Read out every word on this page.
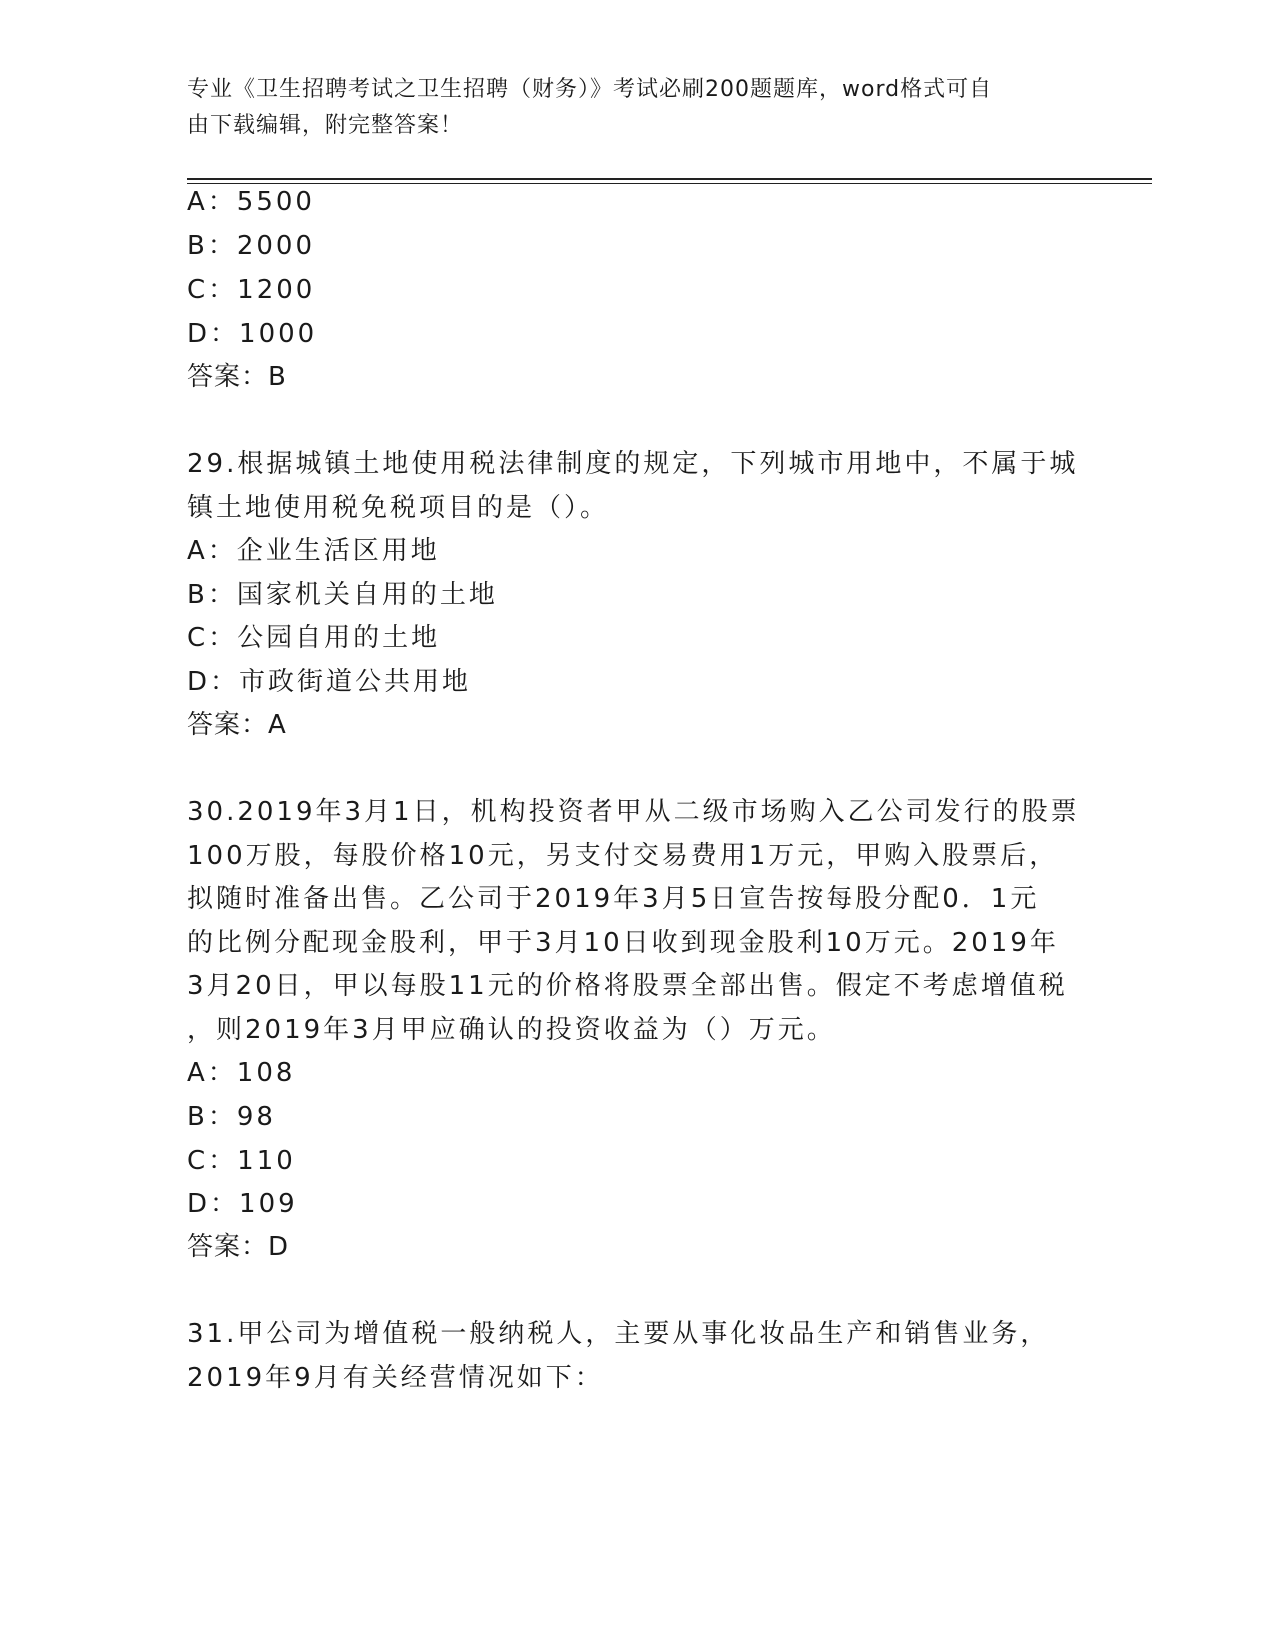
专业《卫生招聘考试之卫生招聘（财务）》考试必刷200题题库，word格式可自
由下载编辑，附完整答案！
A：5500
B：2000
C：1200
D：1000
答案：B
29.根据城镇土地使用税法律制度的规定，下列城市用地中，不属于城
镇土地使用税免税项目的是（）。
A：企业生活区用地
B：国家机关自用的土地
C：公园自用的土地
D：市政街道公共用地
答案：A
30.2019年3月1日，机构投资者甲从二级市场购入乙公司发行的股票
100万股，每股价格10元，另支付交易费用1万元，甲购入股票后，
拟随时准备出售。乙公司于2019年3月5日宣告按每股分配0．1元
的比例分配现金股利，甲于3月10日收到现金股利10万元。2019年
3月20日，甲以每股11元的价格将股票全部出售。假定不考虑增值税
，则2019年3月甲应确认的投资收益为（）万元。
A：108
B：98
C：110
D：109
答案：D
31.甲公司为增值税一般纳税人，主要从事化妆品生产和销售业务，
2019年9月有关经营情况如下：
